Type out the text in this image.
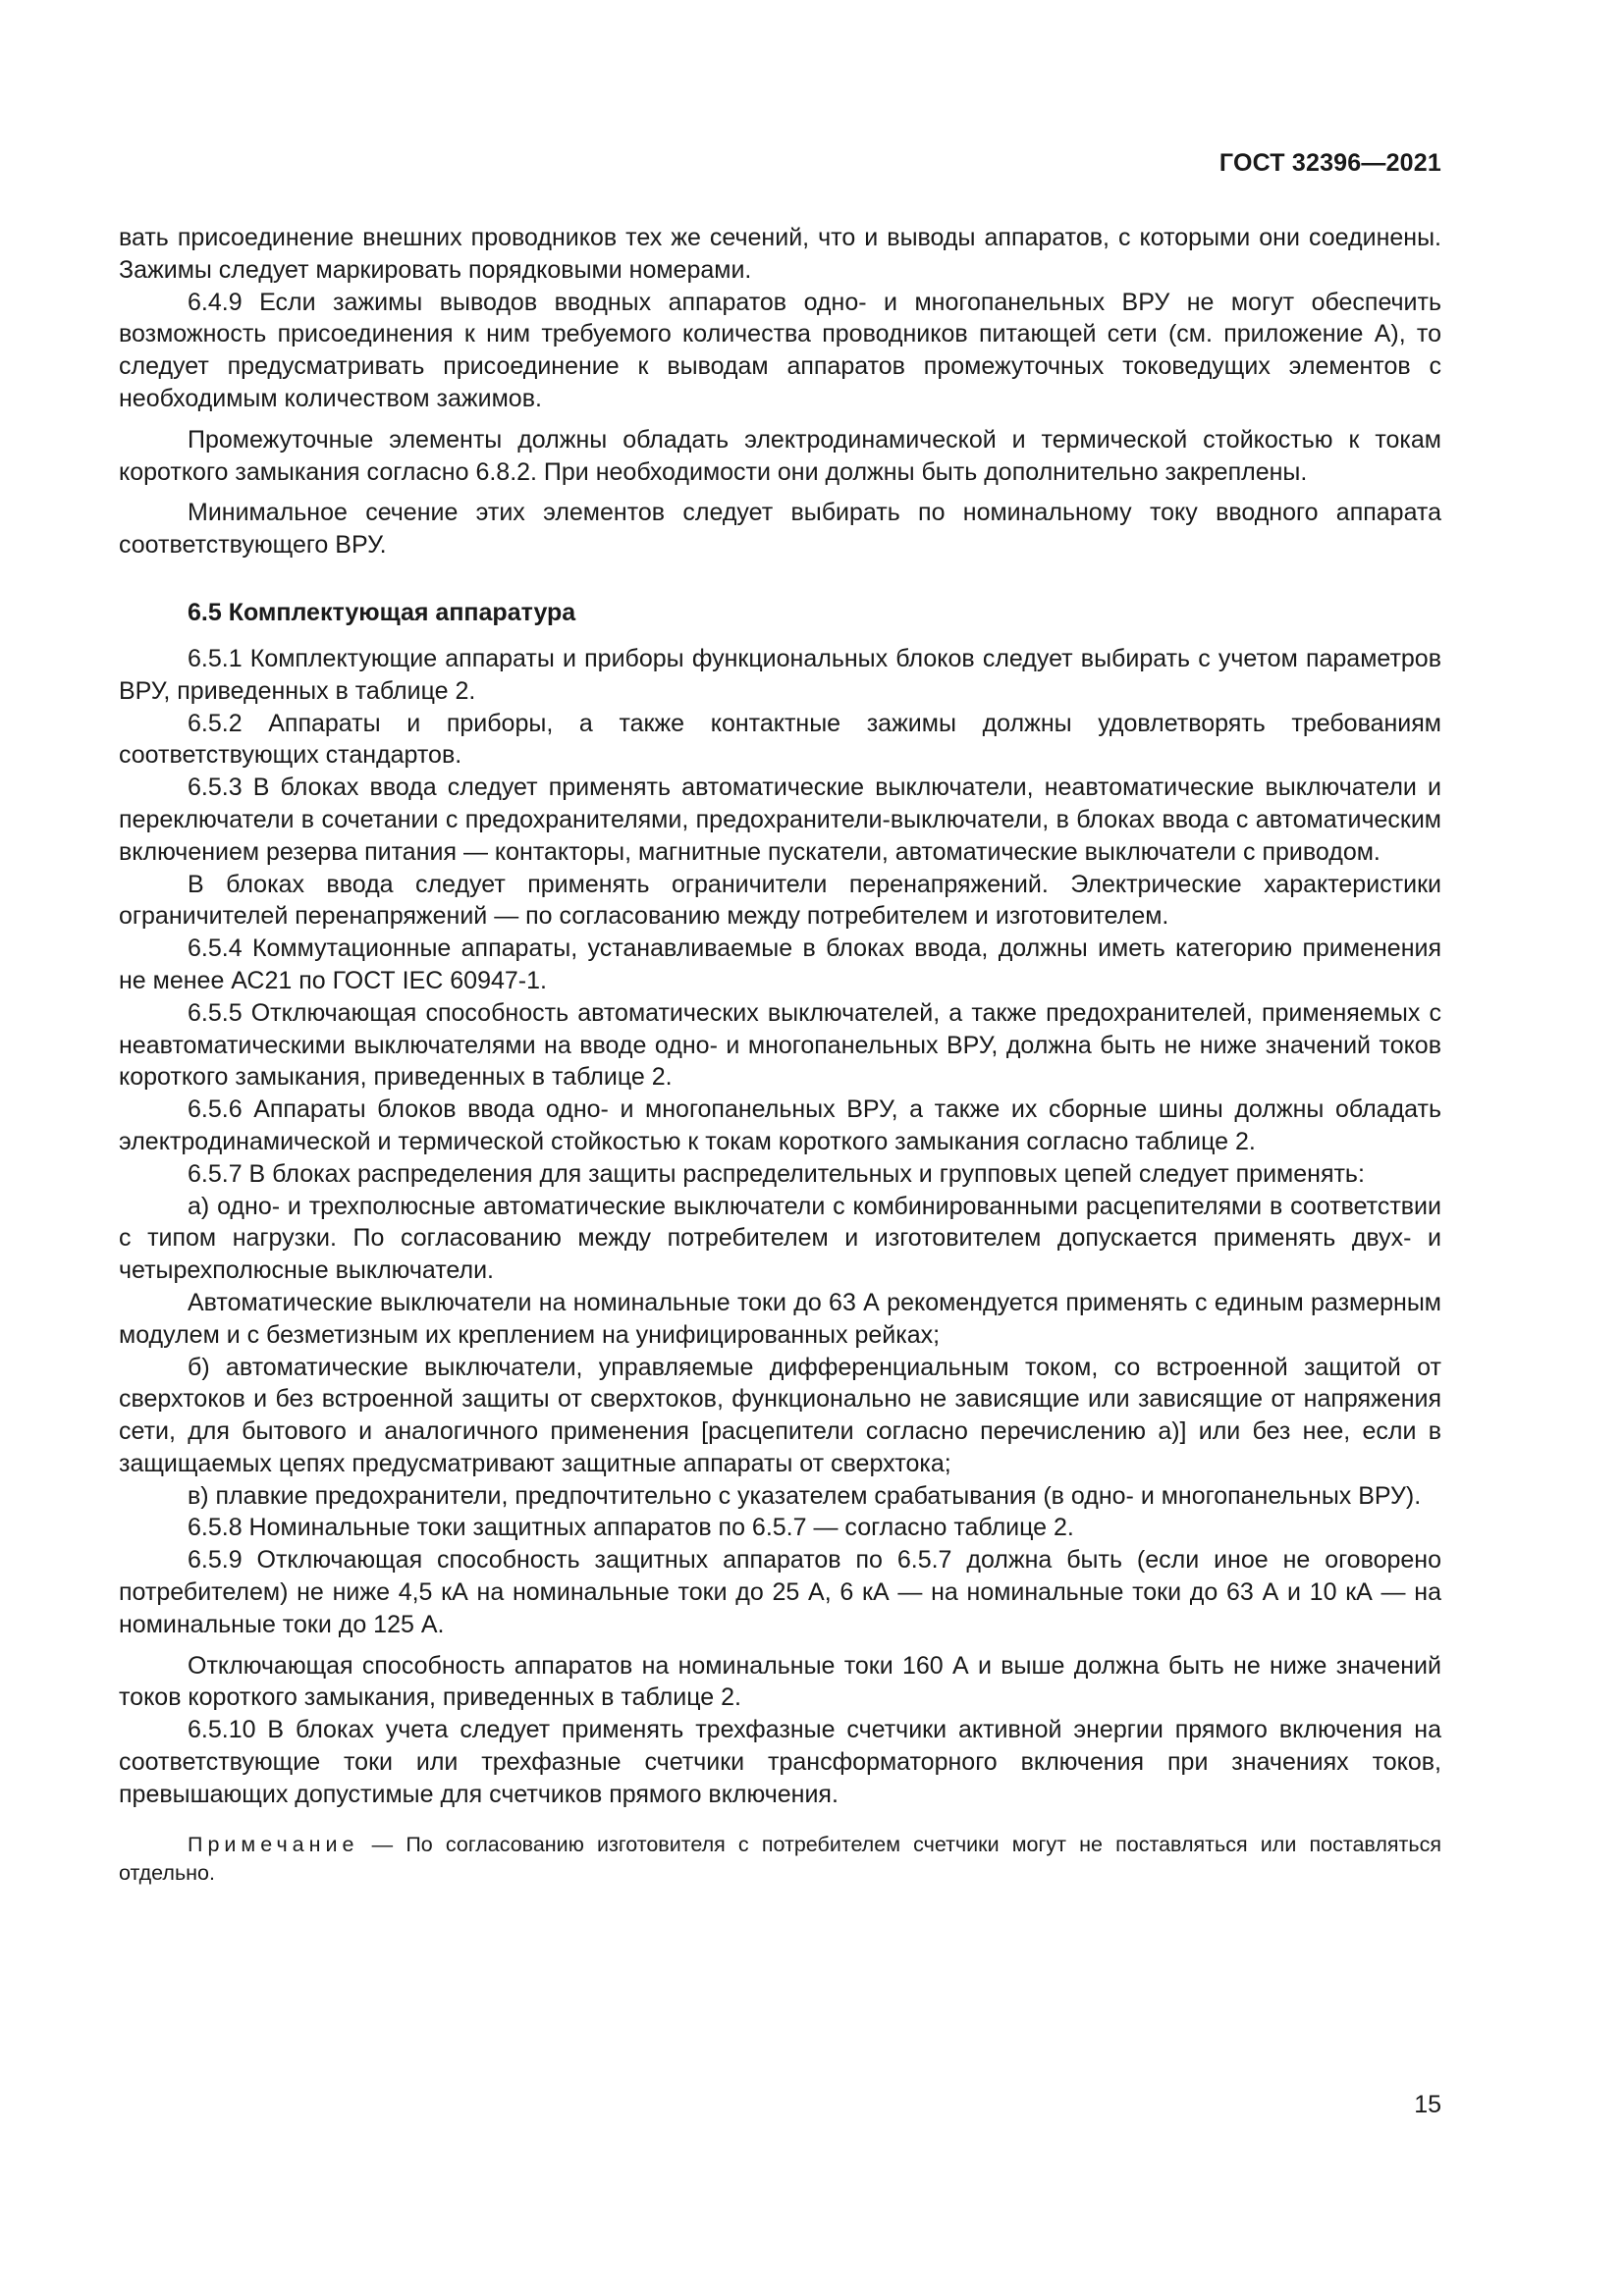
ГОСТ 32396—2021

вать присоединение внешних проводников тех же сечений, что и выводы аппаратов, с которыми они соединены. Зажимы следует маркировать порядковыми номерами.

6.4.9 Если зажимы выводов вводных аппаратов одно- и многопанельных ВРУ не могут обеспечить возможность присоединения к ним требуемого количества проводников питающей сети (см. приложение А), то следует предусматривать присоединение к выводам аппаратов промежуточных токоведущих элементов с необходимым количеством зажимов.

Промежуточные элементы должны обладать электродинамической и термической стойкостью к токам короткого замыкания согласно 6.8.2. При необходимости они должны быть дополнительно закреплены.

Минимальное сечение этих элементов следует выбирать по номинальному току вводного аппарата соответствующего ВРУ.

6.5 Комплектующая аппаратура

6.5.1 Комплектующие аппараты и приборы функциональных блоков следует выбирать с учетом параметров ВРУ, приведенных в таблице 2.

6.5.2 Аппараты и приборы, а также контактные зажимы должны удовлетворять требованиям соответствующих стандартов.

6.5.3 В блоках ввода следует применять автоматические выключатели, неавтоматические выключатели и переключатели в сочетании с предохранителями, предохранители-выключатели, в блоках ввода с автоматическим включением резерва питания — контакторы, магнитные пускатели, автоматические выключатели с приводом.

В блоках ввода следует применять ограничители перенапряжений. Электрические характеристики ограничителей перенапряжений — по согласованию между потребителем и изготовителем.

6.5.4 Коммутационные аппараты, устанавливаемые в блоках ввода, должны иметь категорию применения не менее АС21 по ГОСТ IEC 60947-1.

6.5.5 Отключающая способность автоматических выключателей, а также предохранителей, применяемых с неавтоматическими выключателями на вводе одно- и многопанельных ВРУ, должна быть не ниже значений токов короткого замыкания, приведенных в таблице 2.

6.5.6 Аппараты блоков ввода одно- и многопанельных ВРУ, а также их сборные шины должны обладать электродинамической и термической стойкостью к токам короткого замыкания согласно таблице 2.

6.5.7 В блоках распределения для защиты распределительных и групповых цепей следует применять:

а) одно- и трехполюсные автоматические выключатели с комбинированными расцепителями в соответствии с типом нагрузки. По согласованию между потребителем и изготовителем допускается применять двух- и четырехполюсные выключатели.

Автоматические выключатели на номинальные токи до 63 А рекомендуется применять с единым размерным модулем и с безметизным их креплением на унифицированных рейках;

б) автоматические выключатели, управляемые дифференциальным током, со встроенной защитой от сверхтоков и без встроенной защиты от сверхтоков, функционально не зависящие или зависящие от напряжения сети, для бытового и аналогичного применения [расцепители согласно перечислению а)] или без нее, если в защищаемых цепях предусматривают защитные аппараты от сверхтока;

в) плавкие предохранители, предпочтительно с указателем срабатывания (в одно- и многопанельных ВРУ).

6.5.8 Номинальные токи защитных аппаратов по 6.5.7 — согласно таблице 2.

6.5.9 Отключающая способность защитных аппаратов по 6.5.7 должна быть (если иное не оговорено потребителем) не ниже 4,5 кА на номинальные токи до 25 А, 6 кА — на номинальные токи до 63 А и 10 кА — на номинальные токи до 125 А.

Отключающая способность аппаратов на номинальные токи 160 А и выше должна быть не ниже значений токов короткого замыкания, приведенных в таблице 2.

6.5.10 В блоках учета следует применять трехфазные счетчики активной энергии прямого включения на соответствующие токи или трехфазные счетчики трансформаторного включения при значениях токов, превышающих допустимые для счетчиков прямого включения.

Примечание — По согласованию изготовителя с потребителем счетчики могут не поставляться или поставляться отдельно.
15
